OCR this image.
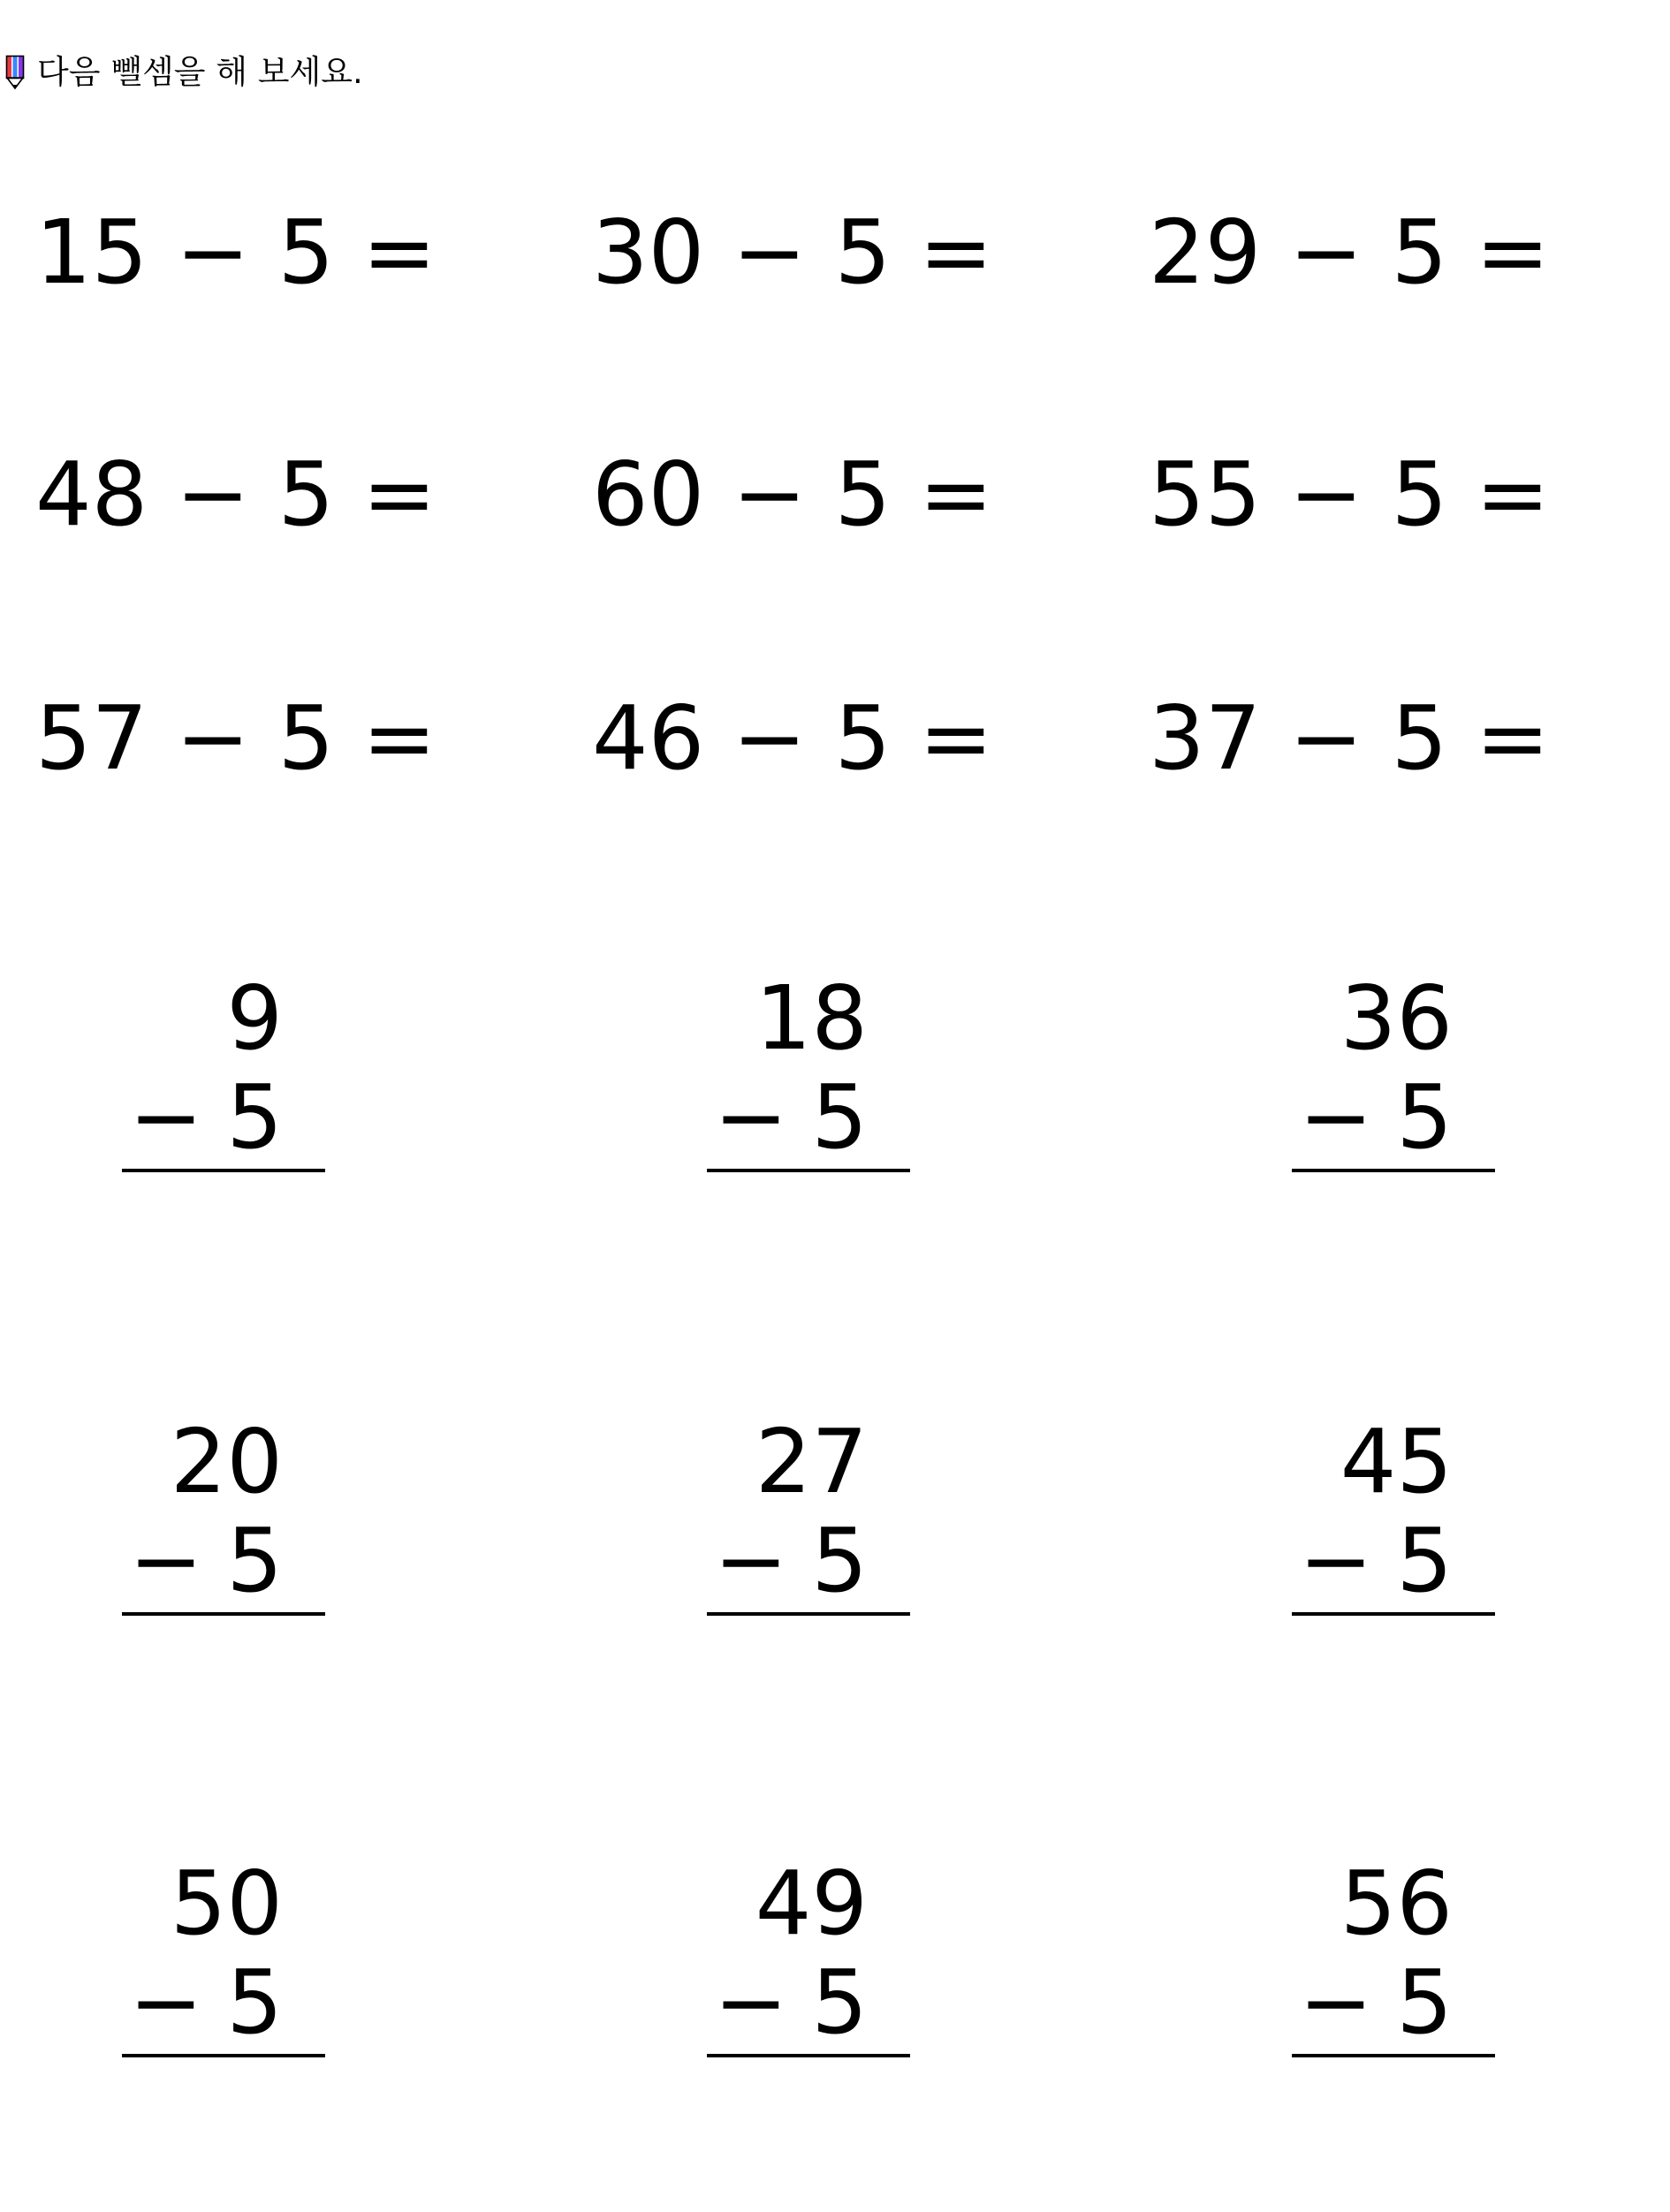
다음 뺄셈을 해 보세요.
15 − 5 = 30 − 5 = 29 − 5 =
48 − 5 = 60 − 5 = 55 − 5 =
57 − 5 = 46 − 5 = 37 − 5 =
9
− 5
18
− 5
36
− 5
20
− 5
27
− 5
45
− 5
50
− 5
49
− 5
56
− 5
